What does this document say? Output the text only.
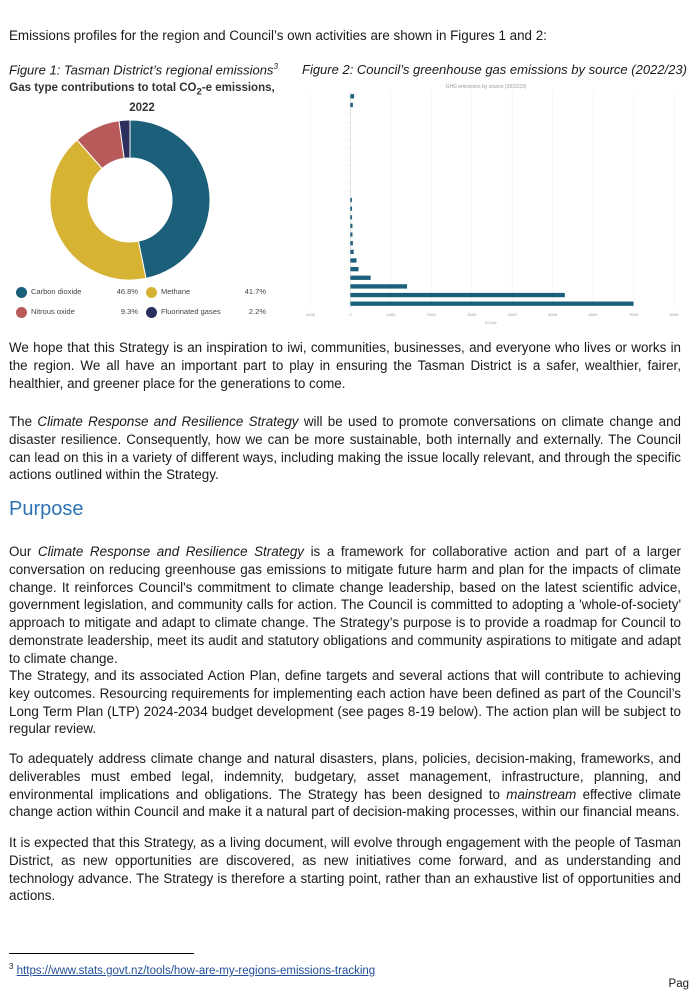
Emissions profiles for the region and Council’s own activities are shown in Figures 1 and 2:

Figure 1: Tasman District’s regional emissions$^3$ Figure 2: Council’s greenhouse gas emissions by source (2022/23)
Gas type contributions to total $CO_2-e$ emissions, 2022
Carbon dioxide	46.8%	Methane	41.7%
Nitrous oxide	9.3%	Fluorinated gases	2.2%
GHG emissions by source (2022/23)
-1000	0	1000	2000	3000	4000	5000	6000	7000	8000
tCO2e

We hope that this Strategy is an inspiration to iwi, communities, businesses, and everyone who lives or works in the region. We all have an important part to play in ensuring the Tasman District is a safer, wealthier, fairer, healthier, and greener place for the generations to come.

The Climate Response and Resilience Strategy will be used to promote conversations on climate change and disaster resilience. Consequently, how we can be more sustainable, both internally and externally. The Council can lead on this in a variety of different ways, including making the issue locally relevant, and through the specific actions outlined within the Strategy.

Purpose

Our Climate Response and Resilience Strategy is a framework for collaborative action and part of a larger conversation on reducing greenhouse gas emissions to mitigate future harm and plan for the impacts of climate change. It reinforces Council's commitment to climate change leadership, based on the latest scientific advice, government legislation, and community calls for action. The Council is committed to adopting a 'whole-of-society' approach to mitigate and adapt to climate change. The Strategy’s purpose is to provide a roadmap for Council to demonstrate leadership, meet its audit and statutory obligations and community aspirations to mitigate and adapt to climate change.

The Strategy, and its associated Action Plan, define targets and several actions that will contribute to achieving key outcomes. Resourcing requirements for implementing each action have been defined as part of the Council’s Long Term Plan (LTP) 2024-2034 budget development (see pages 8-19 below). The action plan will be subject to regular review.

To adequately address climate change and natural disasters, plans, policies, decision-making, frameworks, and deliverables must embed legal, indemnity, budgetary, asset management, infrastructure, planning, and environmental implications and obligations. The Strategy has been designed to mainstream effective climate change action within Council and make it a natural part of decision-making processes, within our financial means.

It is expected that this Strategy, as a living document, will evolve through engagement with the people of Tasman District, as new opportunities are discovered, as new initiatives come forward, and as understanding and technology advance. The Strategy is therefore a starting point, rather than an exhaustive list of opportunities and actions.

$^3$ https://www.stats.govt.nz/tools/how-are-my-regions-emissions-tracking
Pag
